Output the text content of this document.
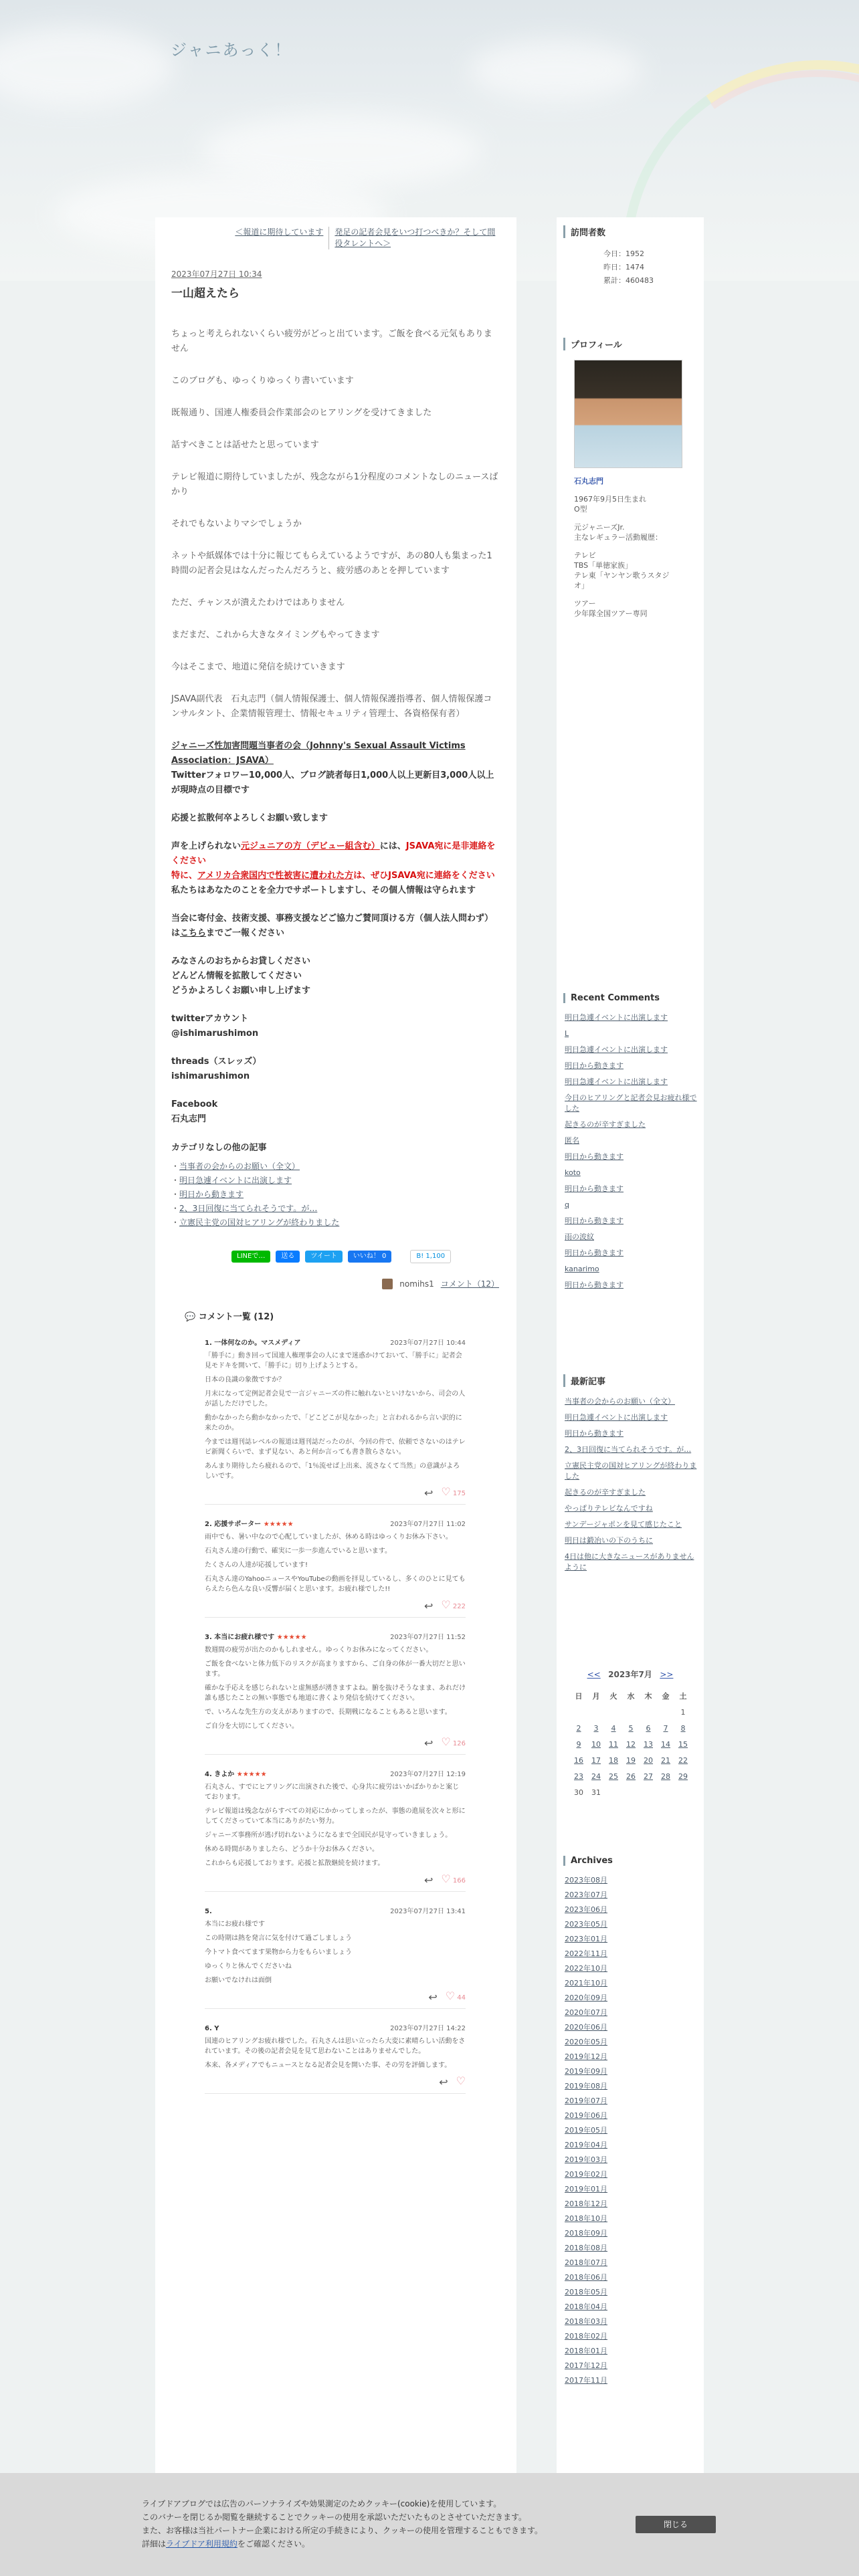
ジャニあっく！
＜報道に期待しています 発足の記者会見をいつ打つべきか？そして間役タレントへ＞
2023年07月27日 10:34
一山超えたら
ちょっと考えられないくらい疲労がどっと出ています。ご飯を食べる元気もありません
このブログも、ゆっくりゆっくり書いています
既報通り、国連人権委員会作業部会のヒアリングを受けてきました
話すべきことは話せたと思っています
テレビ報道に期待していましたが、残念ながら1分程度のコメントなしのニュースばかり
それでもないよりマシでしょうか
ネットや紙媒体では十分に報じてもらえているようですが、あの80人も集まった1時間の記者会見はなんだったんだろうと、疲労感のあとを押しています
ただ、チャンスが潰えたわけではありません
まだまだ、これから大きなタイミングもやってきます
今はそこまで、地道に発信を続けていきます
JSAVA副代表　石丸志門（個人情報保護士、個人情報保護指導者、個人情報保護コンサルタント、企業情報管理士、情報セキュリティ管理士、各資格保有者）
ジャニーズ性加害問題当事者の会（Johnny's Sexual Assault Victims Association：JSAVA）
Twitterフォロワー10,000人、ブログ読者毎日1,000人以上更新目3,000人以上が現時点の目標です
応援と拡散何卒よろしくお願い致します
声を上げられない元ジュニアの方（デビュー組含む）には、JSAVA宛に是非連絡をください
特に、アメリカ合衆国内で性被害に遭われた方は、ぜひJSAVA宛に連絡をください
私たちはあなたのことを全力でサポートしますし、その個人情報は守られます
当会に寄付金、技術支援、事務支援などご協力ご賛同頂ける方（個人法人問わず）はこちらまでご一報ください
みなさんのおちからお貸しください
どんどん情報を拡散してください
どうかよろしくお願い申し上げます
twitterアカウント
@ishimarushimon
threads（スレッズ）
ishimarushimon
Facebook
石丸志門
カテゴリなしの他の記事
・当事者の会からのお願い（全文）
・明日急遽イベントに出演します
・明日から動きます
・2、3日回復に当てられそうです。が…
・立憲民主党の国対ヒアリングが終わりました
LINEで…	送る	ツイート	いいね！ 0	B! 1,100
nomihs1 コメント（12）
💬 コメント一覧 (12)
1. 一体何なのか。マスメディア	2023年07月27日 10:44
「勝手に」動き回って国連人権理事会の人にまで迷惑かけておいて、「勝手に」記者会見モドキを開いて、「勝手に」切り上げようとする。
日本の良識の象徴ですか？
月末になって定例記者会見で一言ジャニーズの件に触れないといけないから、司会の人が話しただけでした。
動かなかったら動かなかったで、「どこどこが見なかった」と言われるから言い訳的に来たのか。
今までは週刊誌レベルの報道は週刊誌だったのが、今回の件で、依頼でさないのはテレビ新聞くらいで、まず見ない、あと何か言っても書き散らさない。
あんまり期待したら疲れるので、「1％流せば上出来、流さなくて当然」の意識がよろしいです。
↩ ♡ 175
2. 応援サポーター ★★★★★	2023年07月27日 11:02
雨中でも、暑い中なので心配していましたが、休める時はゆっくりお休み下さい。
石丸さん達の行動で、確実に一歩一歩進んでいると思います。
たくさんの人達が応援しています!
石丸さん達のYahooニュースやYouTubeの動画を拝見しているし、多くのひとに見てもらえたら色んな良い反響が届くと思います。お疲れ様でした!!
↩ ♡ 222
3. 本当にお疲れ様です ★★★★★	2023年07月27日 11:52
数週間の疲労が出たのかもしれません。ゆっくりお休みになってください。
ご飯を食べないと体力低下のリスクが高まりますから、ご自身の体が一番大切だと思います。
確かな手応えを感じられないと虚無感が湧きますよね。腑を抜けそうなまま、あれだけ誰も感じたことの無い事態でも地道に書くより発信を続けてください。
で、いろんな先生方の支えがありますので、長期戦になることもあると思います。
ご自分を大切にしてください。
↩ ♡ 126
4. きよか ★★★★★	2023年07月27日 12:19
石丸さん、すでにヒアリングに出演された後で、心身共に疲労はいかばかりかと案じております。
テレビ報道は残念ながらすべての対応にかかってしまったが、事態の進展を次々と形にしてくださっていて本当にありがたい努力。
ジャニーズ事務所が逃げ切れないようになるまで全国民が見守っていきましょう。
休める時間がありましたら、どうか十分お休みください。
これからも応援しております。応援と拡散継続を続けます。
↩ ♡ 166
5.	2023年07月27日 13:41
本当にお疲れ様です
この時期は熱を発言に気を付けて過ごしましょう
今トマト食べてます果物から力をもらいましょう
ゆっくりと休んでくださいね
お願いでなけれは面倒
↩ ♡ 44
6. Y	2023年07月27日 14:22
国連のヒアリングお疲れ様でした。石丸さんは思い立ったら大変に素晴らしい活動をされています。その後の記者会見を見て思わないことはありませんでした。
本来、各メディアでもニュースとなる記者会見を開いた事、その労を評価します。
↩ ♡
訪問者数
今日：1952
昨日：1474
累計：460483
プロフィール
石丸志門
1967年9月5日生まれ
O型
元ジャニーズJr.
主なレギュラー活動履歴：
テレビ
TBS「単徳家族」
テレ東「ヤンヤン歌うスタジオ」
ツアー
少年隊全国ツアー専同
Recent Comments
明日急遽イベントに出演します
L
明日急遽イベントに出演します
明日から動きます
明日急遽イベントに出演します
今日のヒアリングと記者会見お疲れ様でした
起きるのが辛すぎました
匿名
明日から動きます
koto
明日から動きます
q
明日から動きます
雨の波紋
明日から動きます
kanarimo
明日から動きます
最新記事
当事者の会からのお願い（全文）
明日急遽イベントに出演します
明日から動きます
2、3日回復に当てられそうです。が…
立憲民主党の国対ヒアリングが終わりました
起きるのが辛すぎました
やっぱりテレビなんですね
サンデージャポンを見て感じたこと
明日は鍛冶いの下のうちに
4日は他に大きなニュースがありませんように
<< 2023年7月 >>
日	月	火	水	木	金	土
						1
2	3	4	5	6	7	8
9	10	11	12	13	14	15
16	17	18	19	20	21	22
23	24	25	26	27	28	29
30	31					
Archives
2023年08月
2023年07月
2023年06月
2023年05月
2023年01月
2022年11月
2022年10月
2021年10月
2020年09月
2020年07月
2020年06月
2020年05月
2019年12月
2019年09月
2019年08月
2019年07月
2019年06月
2019年05月
2019年04月
2019年03月
2019年02月
2019年01月
2018年12月
2018年10月
2018年09月
2018年08月
2018年07月
2018年06月
2018年05月
2018年04月
2018年03月
2018年02月
2018年01月
2017年12月
2017年11月
ライブドアブログでは広告のパーソナライズや効果測定のためクッキー(cookie)を使用しています。
このバナーを閉じるか閲覧を継続することでクッキーの使用を承認いただいたものとさせていただきます。
また、お客様は当社パートナー企業における所定の手続きにより、クッキーの使用を管理することもできます。
詳細はライブドア利用規約をご確認ください。
閉じる
